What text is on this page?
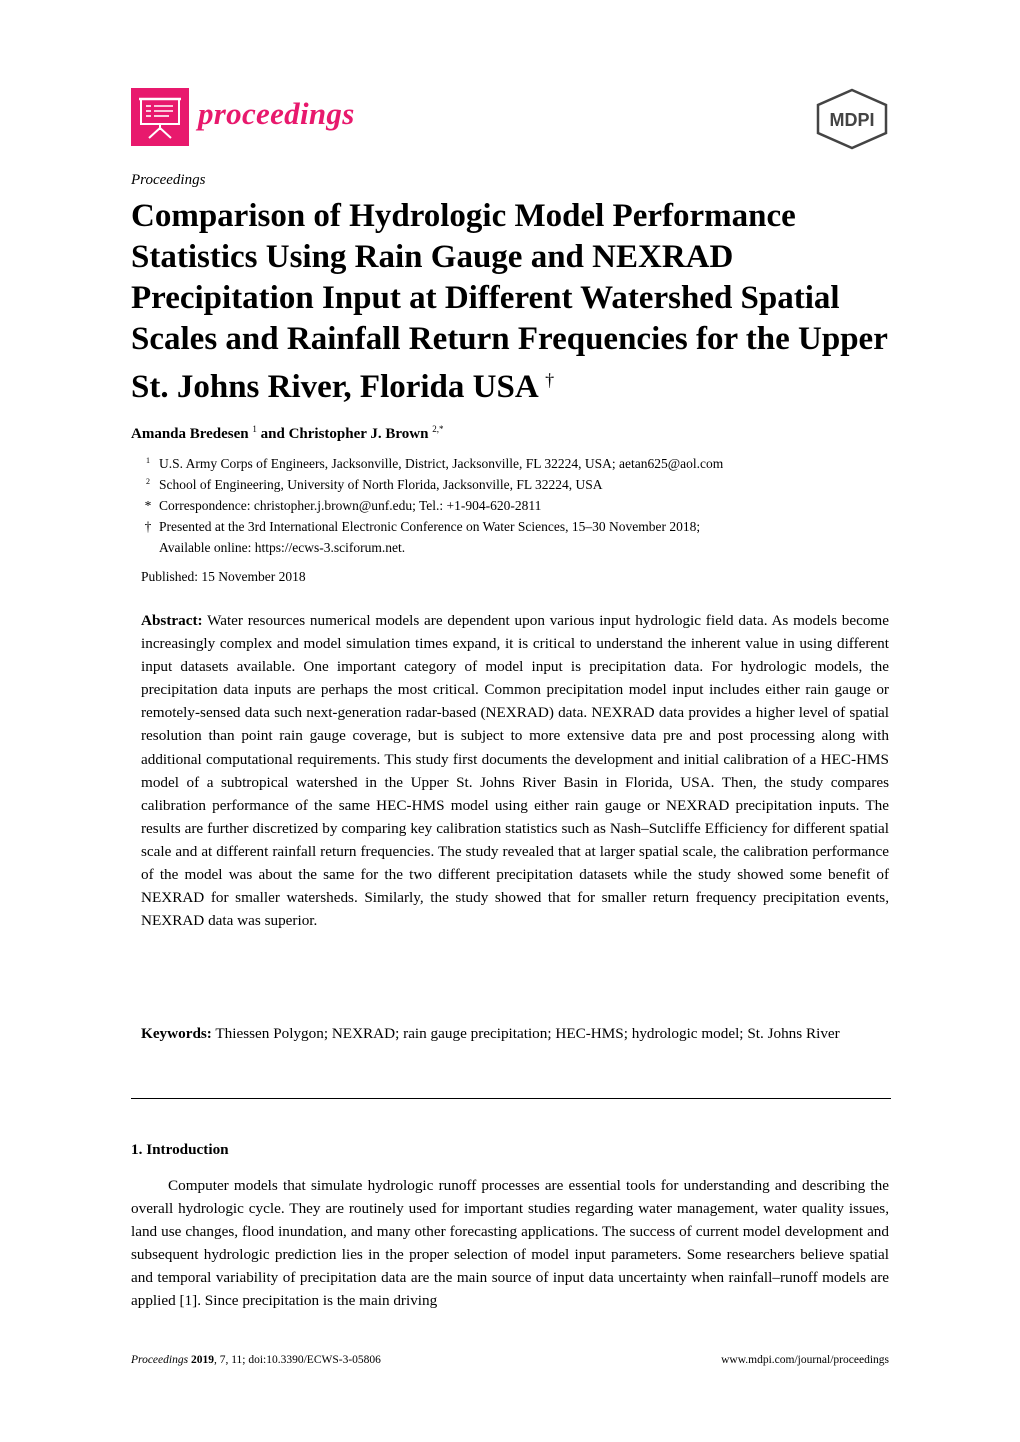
proceedings	MDPI
Proceedings
Comparison of Hydrologic Model Performance
Statistics Using Rain Gauge and NEXRAD
Precipitation Input at Different Watershed Spatial
Scales and Rainfall Return Frequencies for the Upper
St. Johns River, Florida USA †
Amanda Bredesen $^1$ and Christopher J. Brown $^{2,*}$
1 U.S. Army Corps of Engineers, Jacksonville, District, Jacksonville, FL 32224, USA; aetan625@aol.com
2 School of Engineering, University of North Florida, Jacksonville, FL 32224, USA
* Correspondence: christopher.j.brown@unf.edu; Tel.: +1-904-620-2811
† Presented at the 3rd International Electronic Conference on Water Sciences, 15–30 November 2018;
Available online: https://ecws-3.sciforum.net.
Published: 15 November 2018
Abstract: Water resources numerical models are dependent upon various input hydrologic field data. As models become increasingly complex and model simulation times expand, it is critical to understand the inherent value in using different input datasets available. One important category of model input is precipitation data. For hydrologic models, the precipitation data inputs are perhaps the most critical. Common precipitation model input includes either rain gauge or remotely-sensed data such next-generation radar-based (NEXRAD) data. NEXRAD data provides a higher level of spatial resolution than point rain gauge coverage, but is subject to more extensive data pre and post processing along with additional computational requirements. This study first documents the development and initial calibration of a HEC-HMS model of a subtropical watershed in the Upper St. Johns River Basin in Florida, USA. Then, the study compares calibration performance of the same HEC-HMS model using either rain gauge or NEXRAD precipitation inputs. The results are further discretized by comparing key calibration statistics such as Nash–Sutcliffe Efficiency for different spatial scale and at different rainfall return frequencies. The study revealed that at larger spatial scale, the calibration performance of the model was about the same for the two different precipitation datasets while the study showed some benefit of NEXRAD for smaller watersheds. Similarly, the study showed that for smaller return frequency precipitation events, NEXRAD data was superior.
Keywords: Thiessen Polygon; NEXRAD; rain gauge precipitation; HEC-HMS; hydrologic model; St. Johns River
1. Introduction
Computer models that simulate hydrologic runoff processes are essential tools for understanding and describing the overall hydrologic cycle. They are routinely used for important studies regarding water management, water quality issues, land use changes, flood inundation, and many other forecasting applications. The success of current model development and subsequent hydrologic prediction lies in the proper selection of model input parameters. Some researchers believe spatial and temporal variability of precipitation data are the main source of input data uncertainty when rainfall–runoff models are applied [1]. Since precipitation is the main driving
Proceedings 2019, 7, 11; doi:10.3390/ECWS-3-05806	www.mdpi.com/journal/proceedings
